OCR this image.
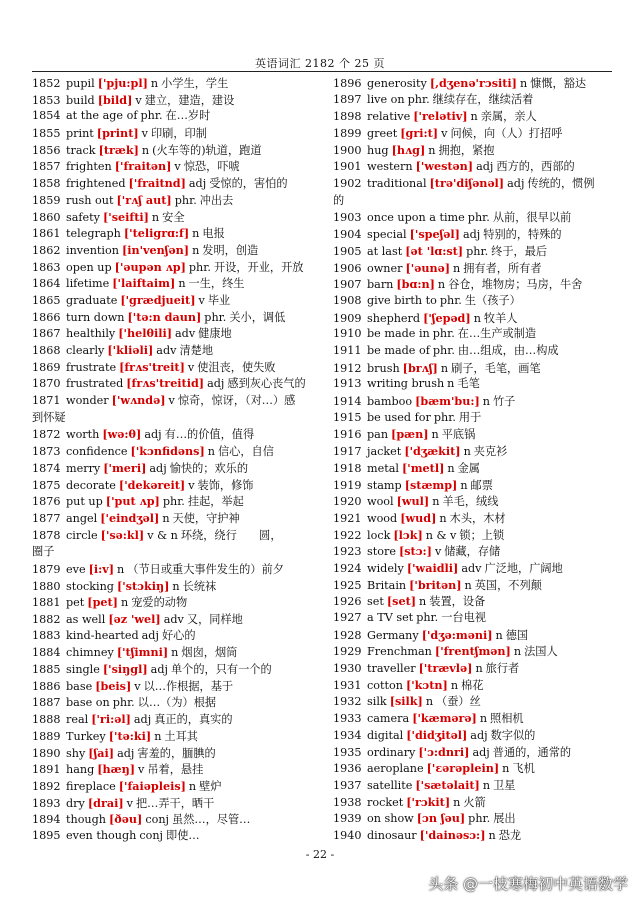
英语词汇 2182 个 25 页
1852 pupil ['pju:pl] n 小学生，学生
1853 build [bild] v 建立，建造，建设
1854 at the age of phr. 在…岁时
1855 print [print] v 印刷，印制
1856 track [træk] n (火车等的)轨道，跑道
1857 frighten ['fraitən] v 惊恐，吓唬
1858 frightened ['fraitnd] adj 受惊的，害怕的
1859 rush out ['rʌʃ aut] phr. 冲出去
1860 safety ['seifti] n 安全
1861 telegraph ['teligrɑ:f] n 电报
1862 invention [in'venʃən] n 发明，创造
1863 open up ['əupən ʌp] phr. 开设，开业，开放
1864 lifetime ['laiftaim] n 一生，终生
1865 graduate ['grædjueit] v 毕业
1866 turn down ['tə:n daun] phr. 关小，调低
1867 healthily ['helθili] adv 健康地
1868 clearly ['kliəli] adv 清楚地
1869 frustrate [frʌs'treit] v 使沮丧，使失败
1870 frustrated [frʌs'treitid] adj 感到灰心丧气的
1871 wonder ['wʌndə] v 惊奇，惊讶，（对…）感
到怀疑
1872 worth [wə:θ] adj 有…的价值，值得
1873 confidence ['kɔnfidəns] n 信心，自信
1874 merry ['meri] adj 愉快的；欢乐的
1875 decorate ['dekəreit] v 装饰，修饰
1876 put up ['put ʌp] phr. 挂起，举起
1877 angel ['eindʒəl] n 天使，守护神
1878 circle ['sə:kl] v & n 环绕，绕行　　圆，
圈子
1879 eve [i:v] n （节日或重大事件发生的）前夕
1880 stocking ['stɔkiŋ] n 长统袜
1881 pet [pet] n 宠爱的动物
1882 as well [əz 'wel] adv 又，同样地
1883 kind-hearted adj 好心的
1884 chimney ['tʃimni] n 烟囱，烟筒
1885 single ['siŋgl] adj 单个的，只有一个的
1886 base [beis] v 以…作根据，基于
1887 base on phr. 以…（为）根据
1888 real ['ri:əl] adj 真正的，真实的
1889 Turkey ['tə:ki] n 土耳其
1890 shy [ʃai] adj 害羞的，腼腆的
1891 hang [hæŋ] v 吊着，悬挂
1892 fireplace ['faiəpleis] n 壁炉
1893 dry [drai] v 把…弄干，晒干
1894 though [ðəu] conj 虽然…，尽管…
1895 even though conj 即使…
1896 generosity [,dʒenə'rɔsiti] n 慷慨，豁达
1897 live on phr. 继续存在，继续活着
1898 relative ['relətiv] n 亲属，亲人
1899 greet [gri:t] v 问候，向（人）打招呼
1900 hug [hʌg] n 拥抱，紧抱
1901 western ['westən] adj 西方的，西部的
1902 traditional [trə'diʃənəl] adj 传统的，惯例
的
1903 once upon a time phr. 从前，很早以前
1904 special ['speʃəl] adj 特别的，特殊的
1905 at last [ət 'lɑ:st] phr. 终于，最后
1906 owner ['əunə] n 拥有者，所有者
1907 barn [bɑ:n] n 谷仓，堆物房；马房，牛舍
1908 give birth to phr. 生（孩子）
1909 shepherd ['ʃepəd] n 牧羊人
1910 be made in phr. 在…生产或制造
1911 be made of phr. 由…组成，由…构成
1912 brush [brʌʃ] n 刷子，毛笔，画笔
1913 writing brush n 毛笔
1914 bamboo [bæm'bu:] n 竹子
1915 be used for phr. 用于
1916 pan [pæn] n 平底锅
1917 jacket ['dʒækit] n 夹克衫
1918 metal ['metl] n 金属
1919 stamp [stæmp] n 邮票
1920 wool [wul] n 羊毛，绒线
1921 wood [wud] n 木头，木材
1922 lock [lɔk] n & v 锁；上锁
1923 store [stɔ:] v 储藏，存储
1924 widely ['waidli] adv 广泛地，广阔地
1925 Britain ['britən] n 英国，不列颠
1926 set [set] n 装置，设备
1927 a TV set phr. 一台电视
1928 Germany ['dʒə:məni] n 德国
1929 Frenchman ['frentʃmən] n 法国人
1930 traveller ['trævlə] n 旅行者
1931 cotton ['kɔtn] n 棉花
1932 silk [silk] n （蚕）丝
1933 camera ['kæmərə] n 照相机
1934 digital ['didʒitəl] adj 数字似的
1935 ordinary ['ɔ:dnri] adj 普通的，通常的
1936 aeroplane ['ɛərəplein] n 飞机
1937 satellite ['sætəlait] n 卫星
1938 rocket ['rɔkit] n 火箭
1939 on show [ɔn ʃəu] phr. 展出
1940 dinosaur ['dainəsɔ:] n 恐龙
- 22 -
头条 @一枝寒梅初中英语数学
